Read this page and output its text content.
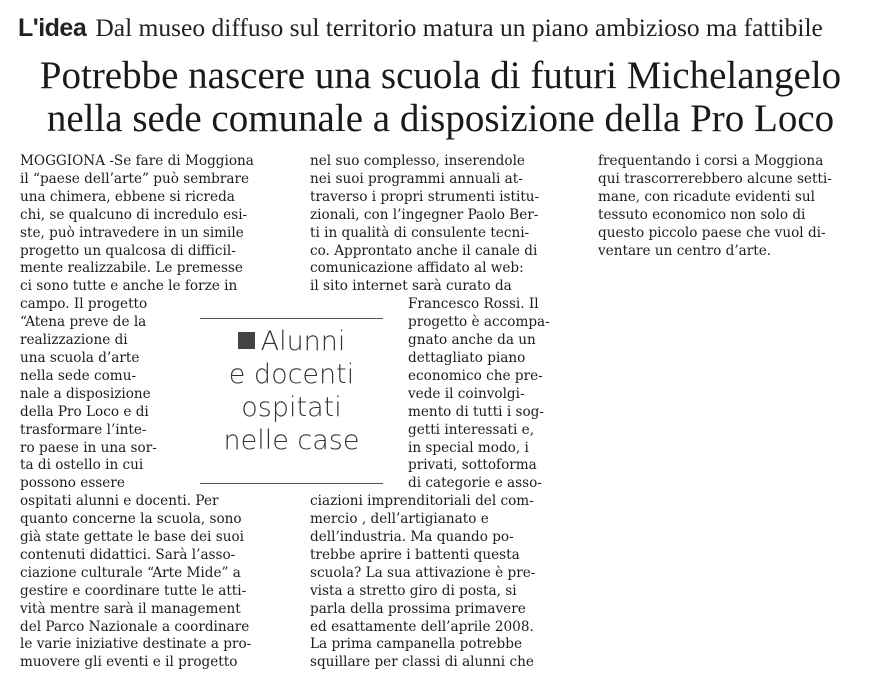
L'idea Dal museo diffuso sul territorio matura un piano ambizioso ma fattibile
Potrebbe nascere una scuola di futuri Michelangelo
nella sede comunale a disposizione della Pro Loco
MOGGIONA -Se fare di Moggiona
il “paese dell’arte” può sembrare
una chimera, ebbene si ricreda
chi, se qualcuno di incredulo esi-
ste, può intravedere in un simile
progetto un qualcosa di difficil-
mente realizzabile. Le premesse
ci sono tutte e anche le forze in
campo. Il progetto
“Atena preve de la
realizzazione di
una scuola d’arte
nella sede comu-
nale a disposizione
della Pro Loco e di
trasformare l’inte-
ro paese in una sor-
ta di ostello in cui
possono essere
ospitati alunni e docenti. Per
quanto concerne la scuola, sono
già state gettate le base dei suoi
contenuti didattici. Sarà l’asso-
ciazione culturale “Arte Mide” a
gestire e coordinare tutte le atti-
vità mentre sarà il management
del Parco Nazionale a coordinare
le varie iniziative destinate a pro-
muovere gli eventi e il progetto
nel suo complesso, inserendole
nei suoi programmi annuali at-
traverso i propri strumenti istitu-
zionali, con l’ingegner Paolo Ber-
ti in qualità di consulente tecni-
co. Approntato anche il canale di
comunicazione affidato al web:
il sito internet sarà curato da
Francesco Rossi. Il
progetto è accompa-
gnato anche da un
dettagliato piano
economico che pre-
vede il coinvolgi-
mento di tutti i sog-
getti interessati e,
in special modo, i
privati, sottoforma
di categorie e asso-
ciazioni imprenditoriali del com-
mercio , dell’artigianato e
dell’industria. Ma quando po-
trebbe aprire i battenti questa
scuola? La sua attivazione è pre-
vista a stretto giro di posta, si
parla della prossima primavere
ed esattamente dell’aprile 2008.
La prima campanella potrebbe
squillare per classi di alunni che
frequentando i corsi a Moggiona
qui trascorrerebbero alcune setti-
mane, con ricadute evidenti sul
tessuto economico non solo di
questo piccolo paese che vuol di-
ventare un centro d’arte.
Alunni
e docenti
ospitati
nelle case
